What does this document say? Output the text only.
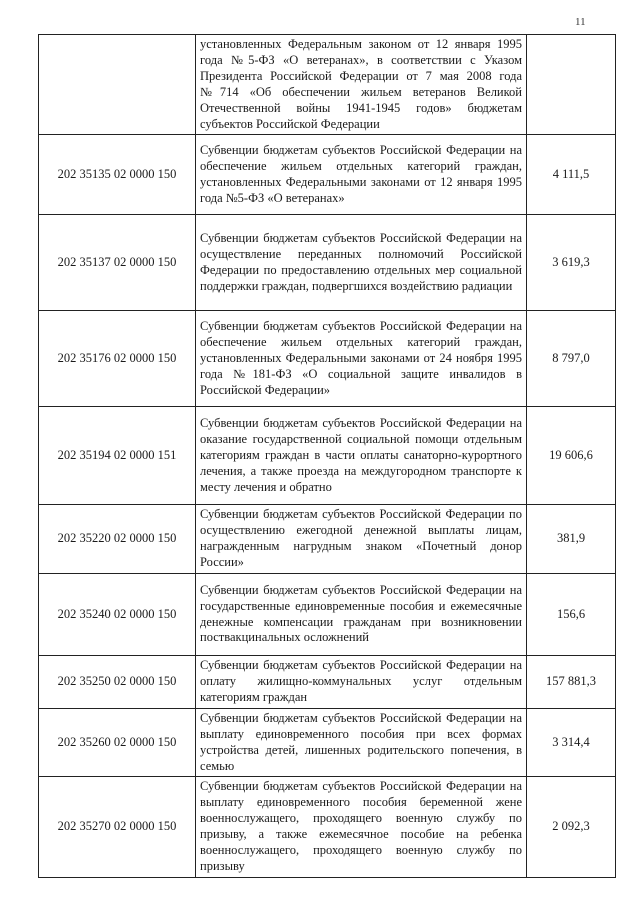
11
	установленных Федеральным законом от 12 января 1995 года №5-ФЗ «О ветеранах», в соответствии с Указом Президента Российской Федерации от 7 мая 2008 года №714 «Об обеспечении жильем ветеранов Великой Отечественной войны 1941-1945 годов» бюджетам субъектов Российской Федерации	
202 35135 02 0000 150	Субвенции бюджетам субъектов Российской Федерации на обеспечение жильем отдельных категорий граждан, установленных Федеральными законами от 12 января 1995 года №5-ФЗ «О ветеранах»	4 111,5
202 35137 02 0000 150	Субвенции бюджетам субъектов Российской Федерации на осуществление переданных полномочий Российской Федерации по предоставлению отдельных мер социальной поддержки граждан, подвергшихся воздействию радиации	3 619,3
202 35176 02 0000 150	Субвенции бюджетам субъектов Российской Федерации на обеспечение жильем отдельных категорий граждан, установленных Федеральными законами от 24 ноября 1995 года №181-ФЗ «О социальной защите инвалидов в Российской Федерации»	8 797,0
202 35194 02 0000 151	Субвенции бюджетам субъектов Российской Федерации на оказание государственной социальной помощи отдельным категориям граждан в части оплаты санаторно-курортного лечения, а также проезда на междугородном транспорте к месту лечения и обратно	19 606,6
202 35220 02 0000 150	Субвенции бюджетам субъектов Российской Федерации по осуществлению ежегодной денежной выплаты лицам, награжденным нагрудным знаком «Почетный донор России»	381,9
202 35240 02 0000 150	Субвенции бюджетам субъектов Российской Федерации на государственные единовременные пособия и ежемесячные денежные компенсации гражданам при возникновении поствакцинальных осложнений	156,6
202 35250 02 0000 150	Субвенции бюджетам субъектов Российской Федерации на оплату жилищно-коммунальных услуг отдельным категориям граждан	157 881,3
202 35260 02 0000 150	Субвенции бюджетам субъектов Российской Федерации на выплату единовременного пособия при всех формах устройства детей, лишенных родительского попечения, в семью	3 314,4
202 35270 02 0000 150	Субвенции бюджетам субъектов Российской Федерации на выплату единовременного пособия беременной жене военнослужащего, проходящего военную службу по призыву, а также ежемесячное пособие на ребенка военнослужащего, проходящего военную службу по призыву	2 092,3
